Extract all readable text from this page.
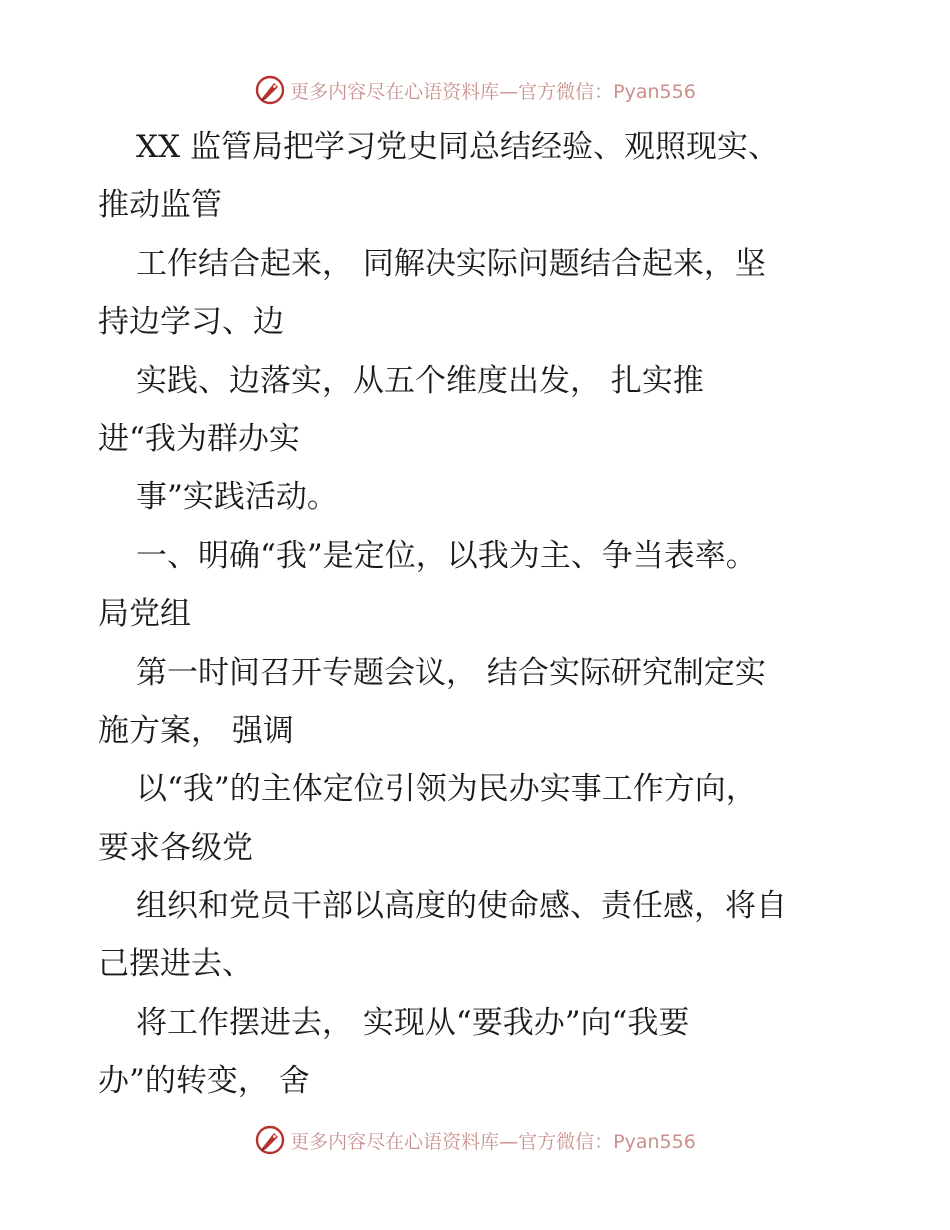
更多内容尽在心语资料库—官方微信：Pyan556
XX 监管局把学习党史同总结经验、观照现实、
推动监管
工作结合起来， 同解决实际问题结合起来，坚
持边学习、边
实践、边落实，从五个维度出发， 扎实推
进“我为群办实
事”实践活动。
一、明确“我”是定位，以我为主、争当表率。
局党组
第一时间召开专题会议， 结合实际研究制定实
施方案， 强调
以“我”的主体定位引领为民办实事工作方向，
要求各级党
组织和党员干部以高度的使命感、责任感，将自
己摆进去、
将工作摆进去， 实现从“要我办”向“我要
办”的转变， 舍
更多内容尽在心语资料库—官方微信：Pyan556
